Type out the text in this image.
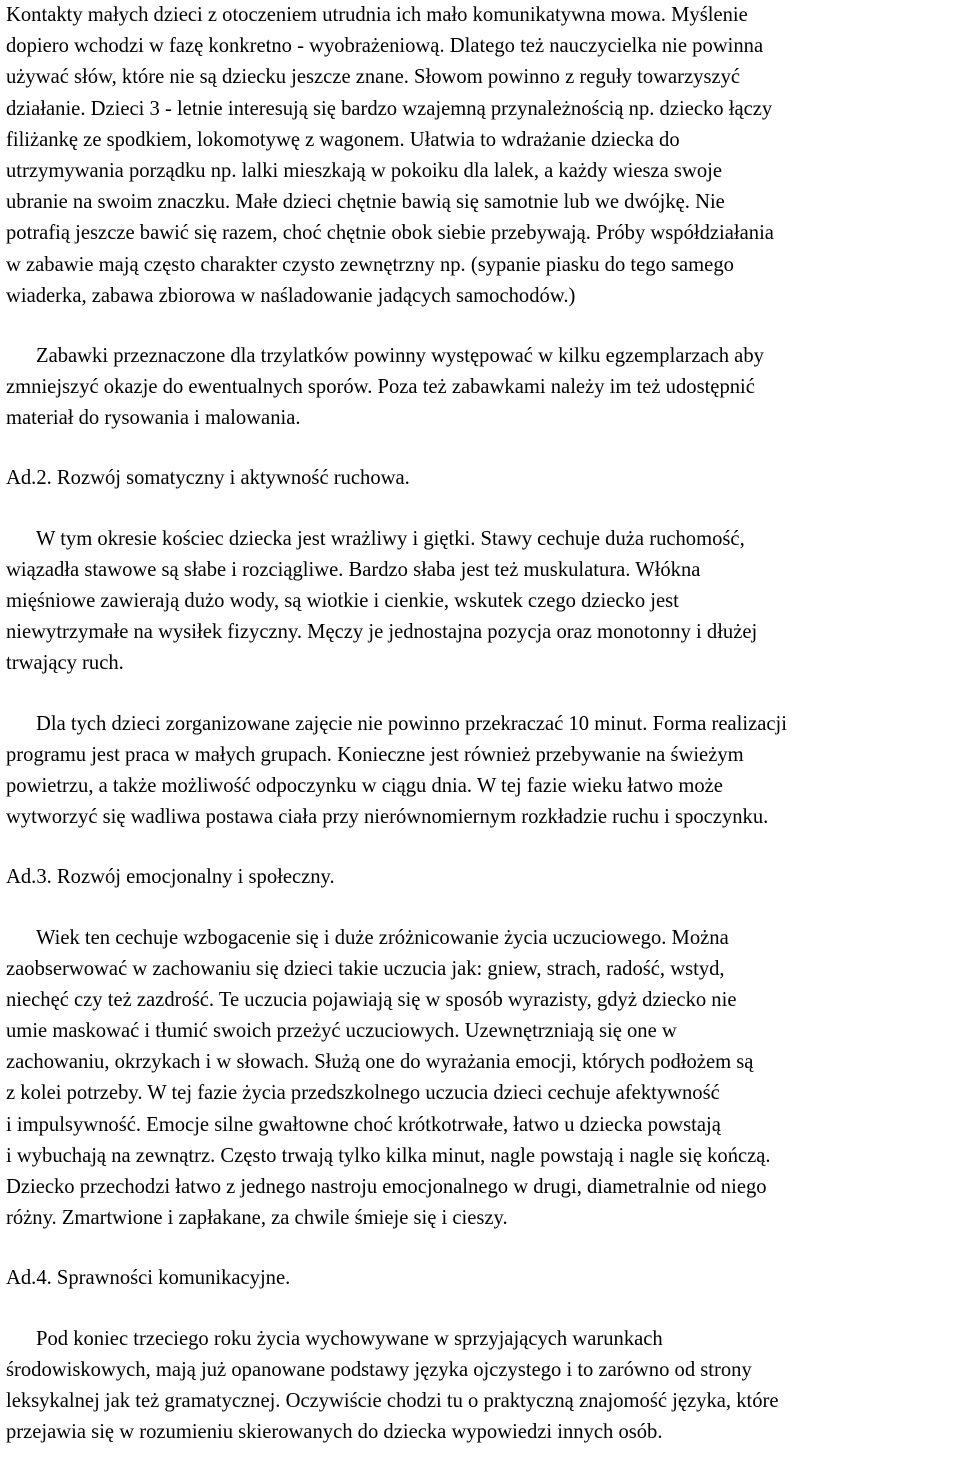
Kontakty małych dzieci z otoczeniem utrudnia ich mało komunikatywna mowa. Myślenie
dopiero wchodzi w fazę konkretno - wyobrażeniową. Dlatego też nauczycielka nie powinna
używać słów, które nie są dziecku jeszcze znane. Słowom powinno z reguły towarzyszyć
działanie. Dzieci 3 - letnie interesują się bardzo wzajemną przynależnością np. dziecko łączy
filiżankę ze spodkiem, lokomotywę z wagonem. Ułatwia to wdrażanie dziecka do
utrzymywania porządku np. lalki mieszkają w pokoiku dla lalek, a każdy wiesza swoje
ubranie na swoim znaczku. Małe dzieci chętnie bawią się samotnie lub we dwójkę. Nie
potrafią jeszcze bawić się razem, choć chętnie obok siebie przebywają. Próby współdziałania
w zabawie mają często charakter czysto zewnętrzny np. (sypanie piasku do tego samego
wiaderka, zabawa zbiorowa w naśladowanie jadących samochodów.)
Zabawki przeznaczone dla trzylatków powinny występować w kilku egzemplarzach aby
zmniejszyć okazje do ewentualnych sporów. Poza też zabawkami należy im też udostępnić
materiał do rysowania i malowania.
Ad.2. Rozwój somatyczny i aktywność ruchowa.
W tym okresie kościec dziecka jest wrażliwy i giętki. Stawy cechuje duża ruchomość,
wiązadła stawowe są słabe i rozciągliwe. Bardzo słaba jest też muskulatura. Włókna
mięśniowe zawierają dużo wody, są wiotkie i cienkie, wskutek czego dziecko jest
niewytrzymałe na wysiłek fizyczny. Męczy je jednostajna pozycja oraz monotonny i dłużej
trwający ruch.
Dla tych dzieci zorganizowane zajęcie nie powinno przekraczać 10 minut. Forma realizacji
programu jest praca w małych grupach. Konieczne jest również przebywanie na świeżym
powietrzu, a także możliwość odpoczynku w ciągu dnia. W tej fazie wieku łatwo może
wytworzyć się wadliwa postawa ciała przy nierównomiernym rozkładzie ruchu i spoczynku.
Ad.3. Rozwój emocjonalny i społeczny.
Wiek ten cechuje wzbogacenie się i duże zróżnicowanie życia uczuciowego. Można
zaobserwować w zachowaniu się dzieci takie uczucia jak: gniew, strach, radość, wstyd,
niechęć czy też zazdrość. Te uczucia pojawiają się w sposób wyrazisty, gdyż dziecko nie
umie maskować i tłumić swoich przeżyć uczuciowych. Uzewnętrzniają się one w
zachowaniu, okrzykach i w słowach. Służą one do wyrażania emocji, których podłożem są
z kolei potrzeby. W tej fazie życia przedszkolnego uczucia dzieci cechuje afektywność
i impulsywność. Emocje silne gwałtowne choć krótkotrwałe, łatwo u dziecka powstają
i wybuchają na zewnątrz. Często trwają tylko kilka minut, nagle powstają i nagle się kończą.
Dziecko przechodzi łatwo z jednego nastroju emocjonalnego w drugi, diametralnie od niego
różny. Zmartwione i zapłakane, za chwile śmieje się i cieszy.
Ad.4. Sprawności komunikacyjne.
Pod koniec trzeciego roku życia wychowywane w sprzyjających warunkach
środowiskowych, mają już opanowane podstawy języka ojczystego i to zarówno od strony
leksykalnej jak też gramatycznej. Oczywiście chodzi tu o praktyczną znajomość języka, które
przejawia się w rozumieniu skierowanych do dziecka wypowiedzi innych osób.
